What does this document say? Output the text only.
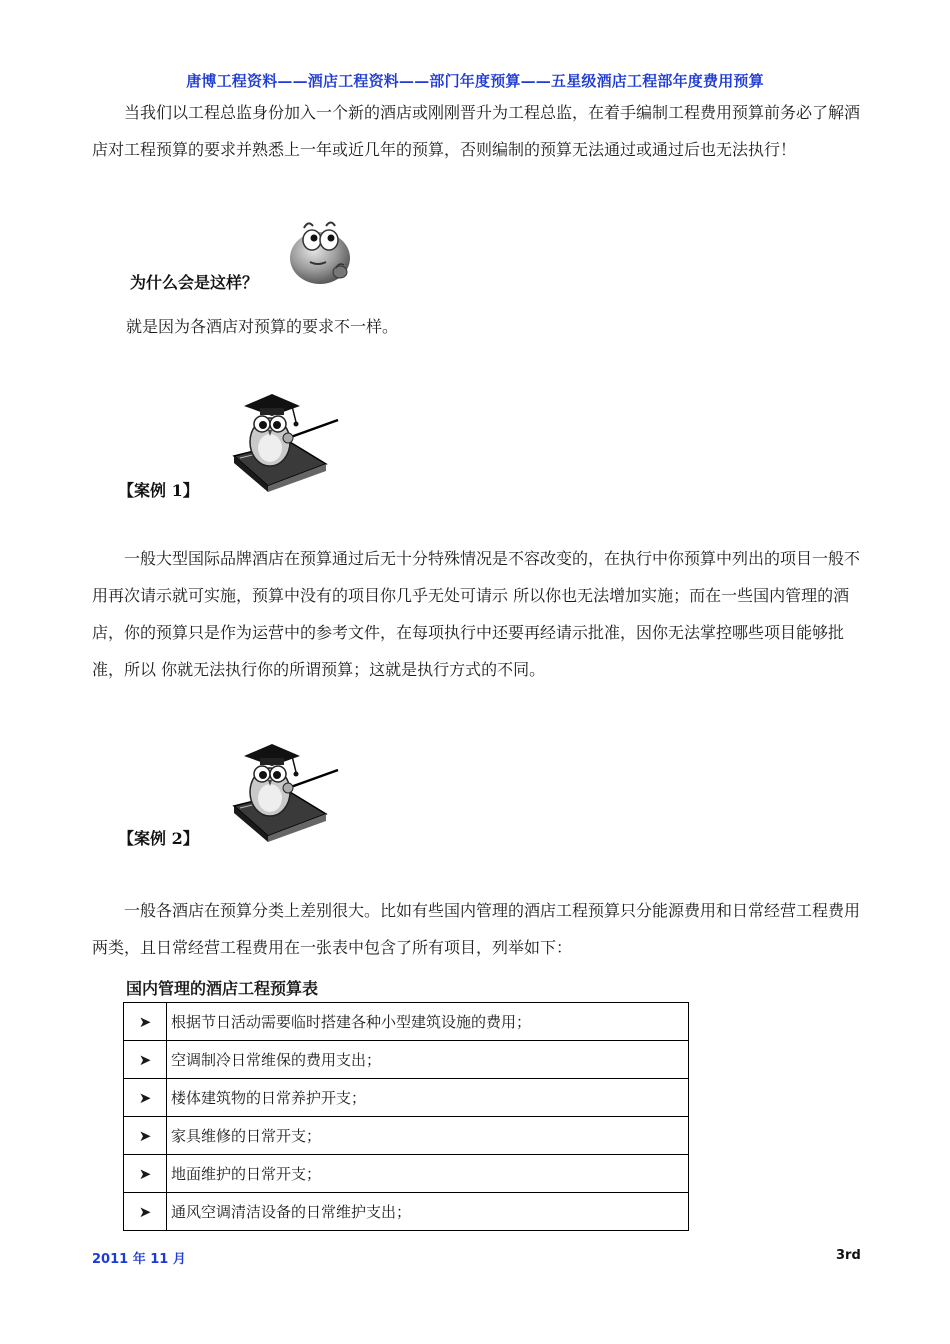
唐博工程资料——酒店工程资料——部门年度预算——五星级酒店工程部年度费用预算
当我们以工程总监身份加入一个新的酒店或刚刚晋升为工程总监，在着手编制工程费用预算前务必了解酒店对工程预算的要求并熟悉上一年或近几年的预算，否则编制的预算无法通过或通过后也无法执行！
为什么会是这样？
就是因为各酒店对预算的要求不一样。
【案例 1】
一般大型国际品牌酒店在预算通过后无十分特殊情况是不容改变的，在执行中你预算中列出的项目一般不用再次请示就可实施，预算中没有的项目你几乎无处可请示 所以你也无法增加实施；而在一些国内管理的酒店，你的预算只是作为运营中的参考文件，在每项执行中还要再经请示批准，因你无法掌控哪些项目能够批准，所以 你就无法执行你的所谓预算；这就是执行方式的不同。
【案例 2】
一般各酒店在预算分类上差别很大。比如有些国内管理的酒店工程预算只分能源费用和日常经营工程费用两类，且日常经营工程费用在一张表中包含了所有项目，列举如下：
国内管理的酒店工程预算表
➤	根据节日活动需要临时搭建各种小型建筑设施的费用；
➤	空调制冷日常维保的费用支出；
➤	楼体建筑物的日常养护开支；
➤	家具维修的日常开支；
➤	地面维护的日常开支；
➤	通风空调清洁设备的日常维护支出；
2011 年 11 月	3rd
